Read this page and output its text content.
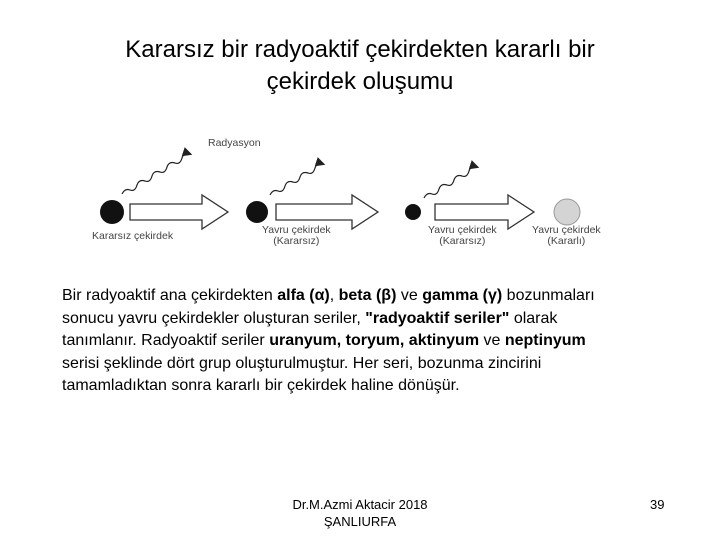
Kararsız bir radyoaktif çekirdekten kararlı bir
çekirdek oluşumu
Radyasyon
Kararsız çekirdek	Yavru çekirdek
(Kararsız)
Yavru çekirdek
(Kararsız)
Yavru çekirdek
(Kararlı)

Bir radyoaktif ana çekirdekten alfa (α), beta (β) ve gamma (γ) bozunmaları sonucu yavru çekirdekler oluşturan seriler, "radyoaktif seriler" olarak tanımlanır. Radyoaktif seriler uranyum, toryum, aktinyum ve neptinyum serisi şeklinde dört grup oluşturulmuştur. Her seri, bozunma zincirini tamamladıktan sonra kararlı bir çekirdek haline dönüşür.

Dr.M.Azmi Aktacir 2018
ŞANLIURFA
39
